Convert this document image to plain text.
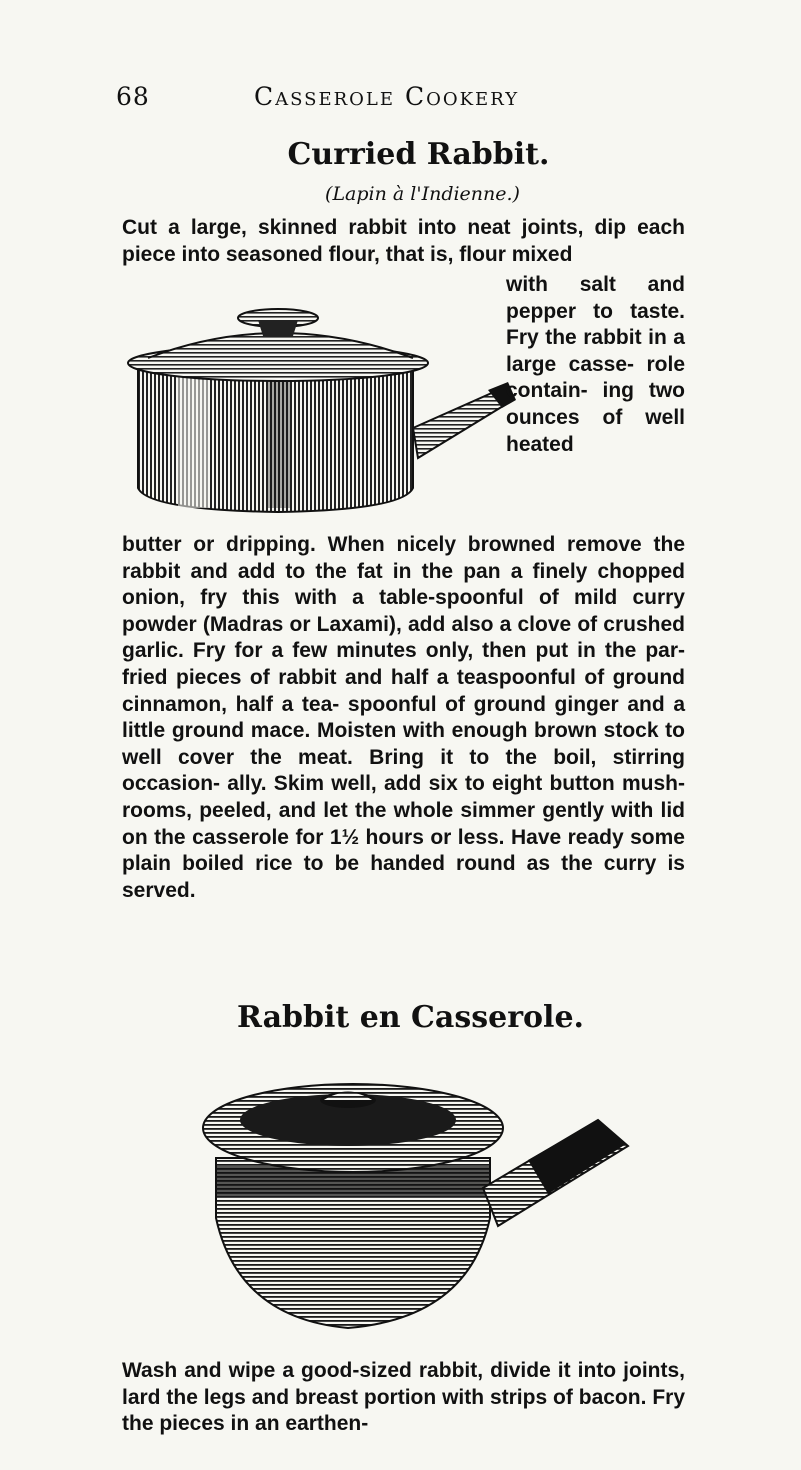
68	Casserole Cookery
Curried Rabbit.
(Lapin à l'Indienne.)
Cut a large, skinned rabbit into neat joints, dip each piece into seasoned flour, that is, flour mixed
with salt and pepper to taste. Fry the rabbit in a large casse- role contain- ing two ounces of well heated
butter or dripping. When nicely browned remove the rabbit and add to the fat in the pan a finely chopped onion, fry this with a table-spoonful of mild curry powder (Madras or Laxami), add also a clove of crushed garlic. Fry for a few minutes only, then put in the par-fried pieces of rabbit and half a teaspoonful of ground cinnamon, half a tea- spoonful of ground ginger and a little ground mace. Moisten with enough brown stock to well cover the meat. Bring it to the boil, stirring occasion- ally. Skim well, add six to eight button mush- rooms, peeled, and let the whole simmer gently with lid on the casserole for 1½ hours or less. Have ready some plain boiled rice to be handed round as the curry is served.
Rabbit en Casserole.
Wash and wipe a good-sized rabbit, divide it into joints, lard the legs and breast portion with strips of bacon. Fry the pieces in an earthen-
